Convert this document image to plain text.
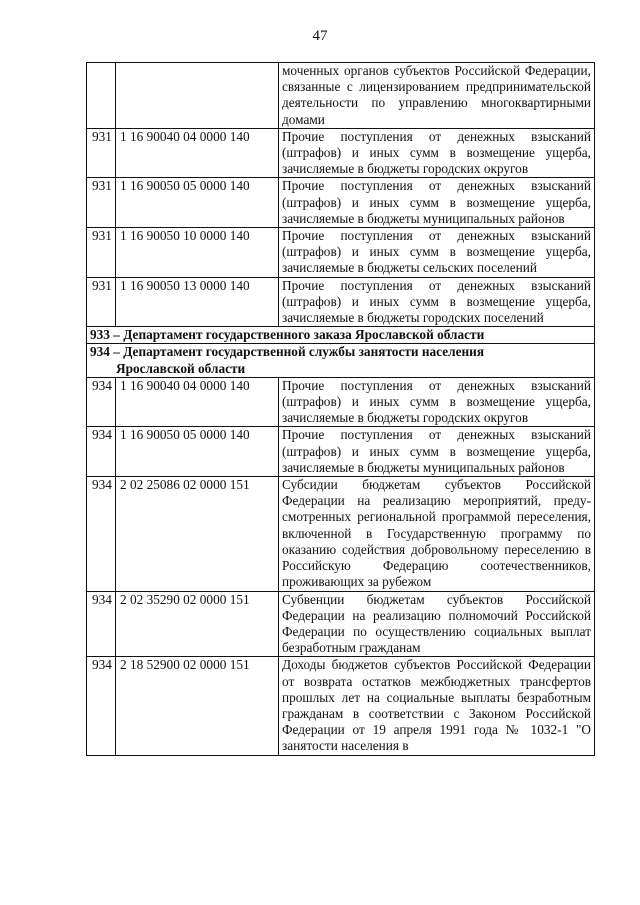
47
		моченных органов субъектов Российской Федерации, связанные с лицензированием предпринимательской деятельности по управлению многоквартирными домами
931	1 16 90040 04 0000 140	Прочие поступления от денежных взысканий (штрафов) и иных сумм в возмещение ущерба, зачисляемые в бюджеты городских округов
931	1 16 90050 05 0000 140	Прочие поступления от денежных взысканий (штрафов) и иных сумм в возмещение ущерба, зачисляемые в бюджеты муниципальных районов
931	1 16 90050 10 0000 140	Прочие поступления от денежных взысканий (штрафов) и иных сумм в возмещение ущерба, зачисляемые в бюджеты сельских поселений
931	1 16 90050 13 0000 140	Прочие поступления от денежных взысканий (штрафов) и иных сумм в возмещение ущерба, зачисляемые в бюджеты городских поселений
933 – Департамент государственного заказа Ярославской области		
934 – Департамент государственной службы занятости населения
Ярославской области		

934	1 16 90040 04 0000 140	Прочие поступления от денежных взысканий (штрафов) и иных сумм в возмещение ущерба, зачисляемые в бюджеты городских округов
934	1 16 90050 05 0000 140	Прочие поступления от денежных взысканий (штрафов) и иных сумм в возмещение ущерба, зачисляемые в бюджеты муниципальных районов
934	2 02 25086 02 0000 151	Субсидии бюджетам субъектов Российской Федерации на реализацию мероприятий, предусмотренных региональной программой переселения, включенной в Государственную программу по оказанию содействия добровольному переселению в Российскую Федерацию соотечественников, проживающих за рубежом
934	2 02 35290 02 0000 151	Субвенции бюджетам субъектов Российской Федерации на реализацию полномочий Российской Федерации по осуществлению социальных выплат безработным гражданам
934	2 18 52900 02 0000 151	Доходы бюджетов субъектов Российской Федерации от возврата остатков межбюджетных трансфертов прошлых лет на социальные выплаты безработным гражданам в соответствии с Законом Российской Федерации от 19 апреля 1991 года № 1032-1 "О занятости населения в
